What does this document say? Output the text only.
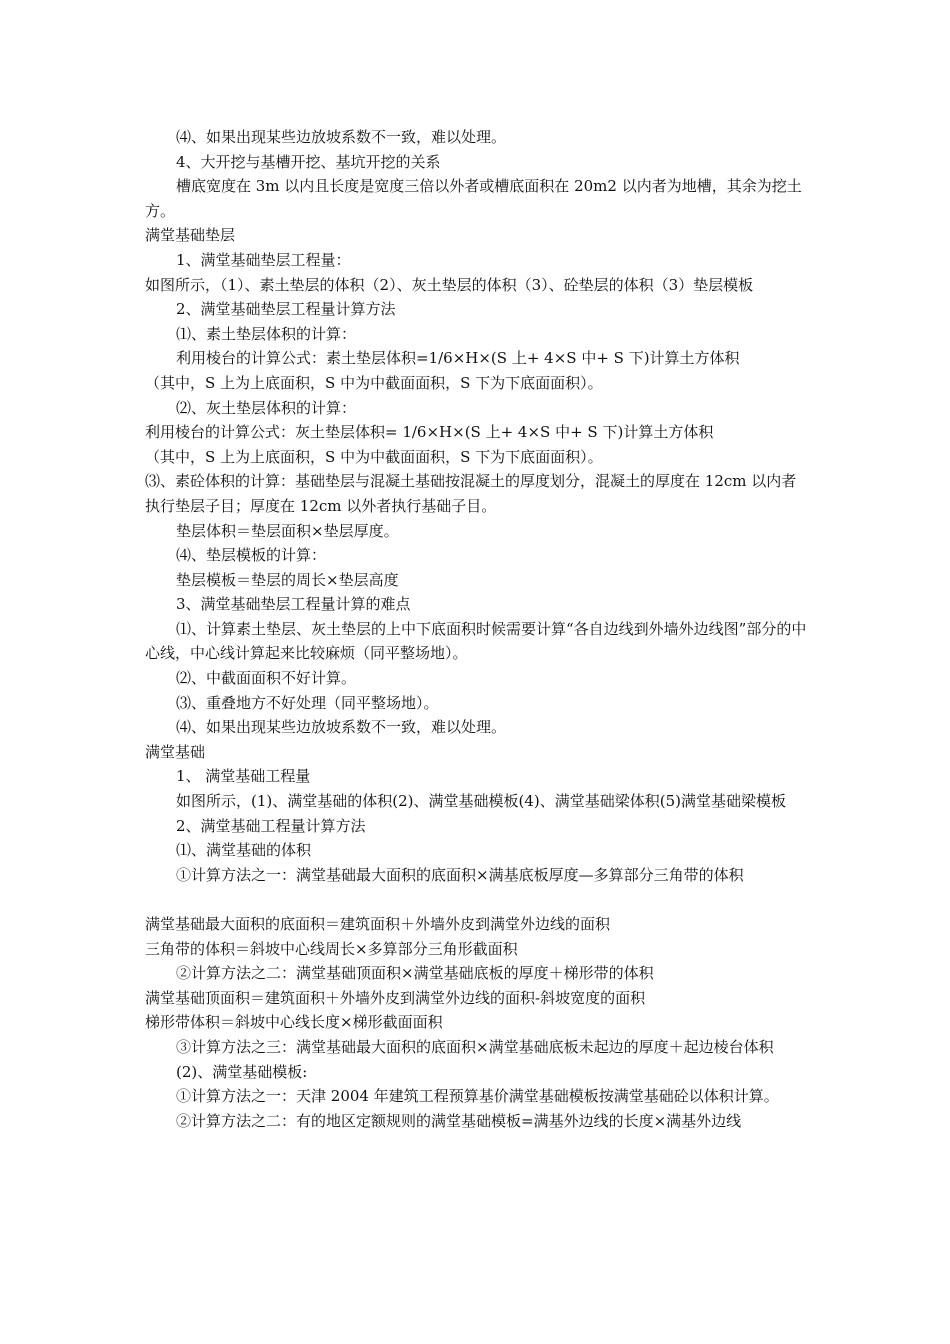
⑷、如果出现某些边放坡系数不一致，难以处理。

4、大开挖与基槽开挖、基坑开挖的关系

槽底宽度在 3m 以内且长度是宽度三倍以外者或槽底面积在 20m2 以内者为地槽，其余为挖土方。

满堂基础垫层

1、满堂基础垫层工程量：

如图所示，（1）、素土垫层的体积（2）、灰土垫层的体积（3）、砼垫层的体积（3）垫层模板

2、满堂基础垫层工程量计算方法

⑴、素土垫层体积的计算：

利用棱台的计算公式：素土垫层体积=1/6×H×(S 上+ 4×S 中+ S 下)计算土方体积

（其中，S 上为上底面积，S 中为中截面面积，S 下为下底面面积）。

⑵、灰土垫层体积的计算：

利用棱台的计算公式：灰土垫层体积= 1/6×H×(S 上+ 4×S 中+ S 下)计算土方体积

（其中，S 上为上底面积，S 中为中截面面积，S 下为下底面面积）。

⑶、素砼体积的计算：基础垫层与混凝土基础按混凝土的厚度划分，混凝土的厚度在 12cm 以内者执行垫层子目；厚度在 12cm 以外者执行基础子目。

垫层体积＝垫层面积×垫层厚度。

⑷、垫层模板的计算：

垫层模板＝垫层的周长×垫层高度

3、满堂基础垫层工程量计算的难点

⑴、计算素土垫层、灰土垫层的上中下底面积时候需要计算“各自边线到外墙外边线图”部分的中心线，中心线计算起来比较麻烦（同平整场地）。

⑵、中截面面积不好计算。

⑶、重叠地方不好处理（同平整场地）。

⑷、如果出现某些边放坡系数不一致，难以处理。

满堂基础

1、 满堂基础工程量

如图所示，(1)、满堂基础的体积(2)、满堂基础模板(4)、满堂基础梁体积(5)满堂基础梁模板

2、满堂基础工程量计算方法

⑴、满堂基础的体积

①计算方法之一：满堂基础最大面积的底面积×满基底板厚度—多算部分三角带的体积

满堂基础最大面积的底面积＝建筑面积＋外墙外皮到满堂外边线的面积

三角带的体积＝斜坡中心线周长×多算部分三角形截面积

②计算方法之二：满堂基础顶面积×满堂基础底板的厚度＋梯形带的体积

满堂基础顶面积＝建筑面积＋外墙外皮到满堂外边线的面积-斜坡宽度的面积

梯形带体积＝斜坡中心线长度×梯形截面面积

③计算方法之三：满堂基础最大面积的底面积×满堂基础底板未起边的厚度＋起边棱台体积

(2)、满堂基础模板:

①计算方法之一：天津 2004 年建筑工程预算基价满堂基础模板按满堂基础砼以体积计算。

②计算方法之二：有的地区定额规则的满堂基础模板=满基外边线的长度×满基外边线
